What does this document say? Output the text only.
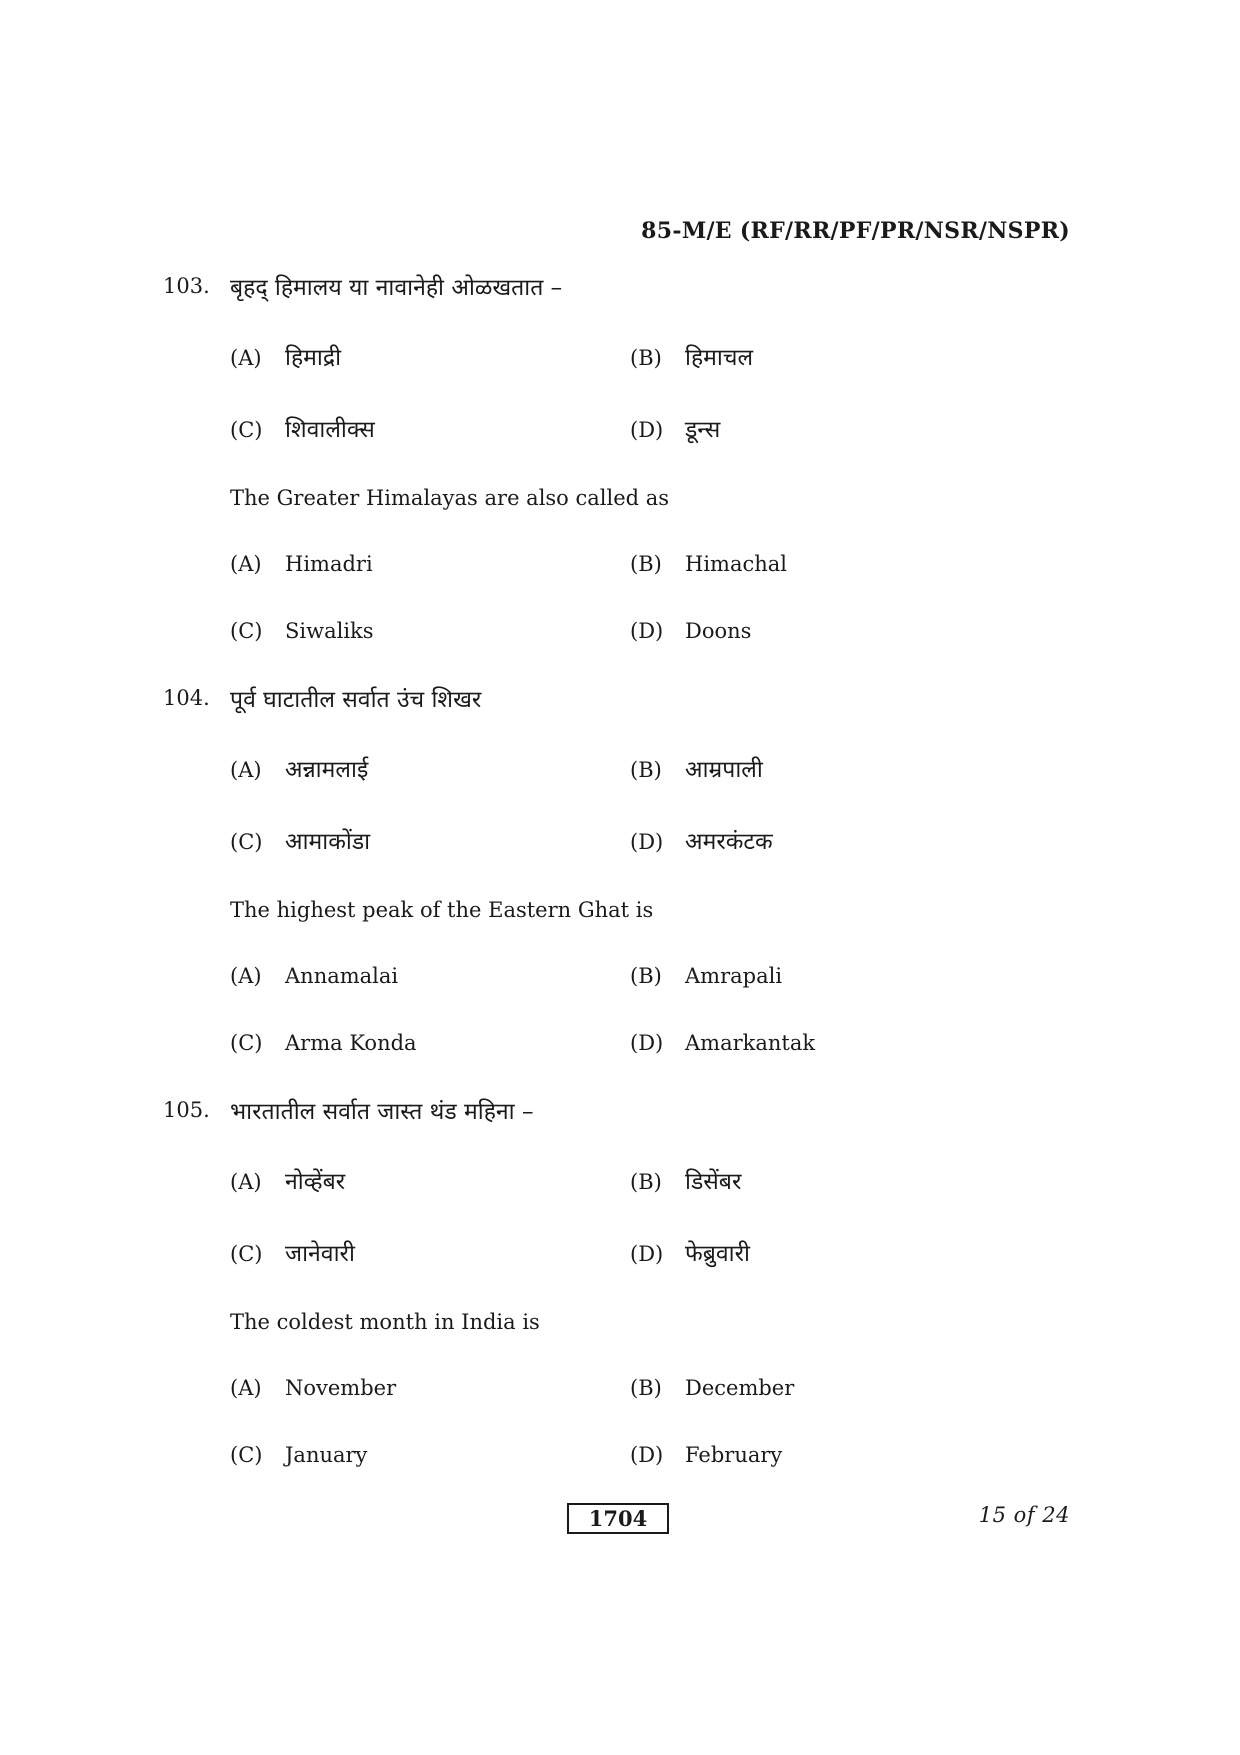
85-M/E (RF/RR/PF/PR/NSR/NSPR)
103. बृहद् हिमालय या नावानेही ओळखतात –
(A) हिमाद्री	(B) हिमाचल
(C) शिवालीक्स	(D) डून्स
The Greater Himalayas are also called as
(A) Himadri	(B) Himachal
(C) Siwaliks	(D) Doons
104. पूर्व घाटातील सर्वात उंच शिखर
(A) अन्नामलाई	(B) आम्रपाली
(C) आमाकोंडा	(D) अमरकंटक
The highest peak of the Eastern Ghat is
(A) Annamalai	(B) Amrapali
(C) Arma Konda	(D) Amarkantak
105. भारतातील सर्वात जास्त थंड महिना –
(A) नोव्हेंबर	(B) डिसेंबर
(C) जानेवारी	(D) फेब्रुवारी
The coldest month in India is
(A) November	(B) December
(C) January	(D) February
1704	15 of 24
